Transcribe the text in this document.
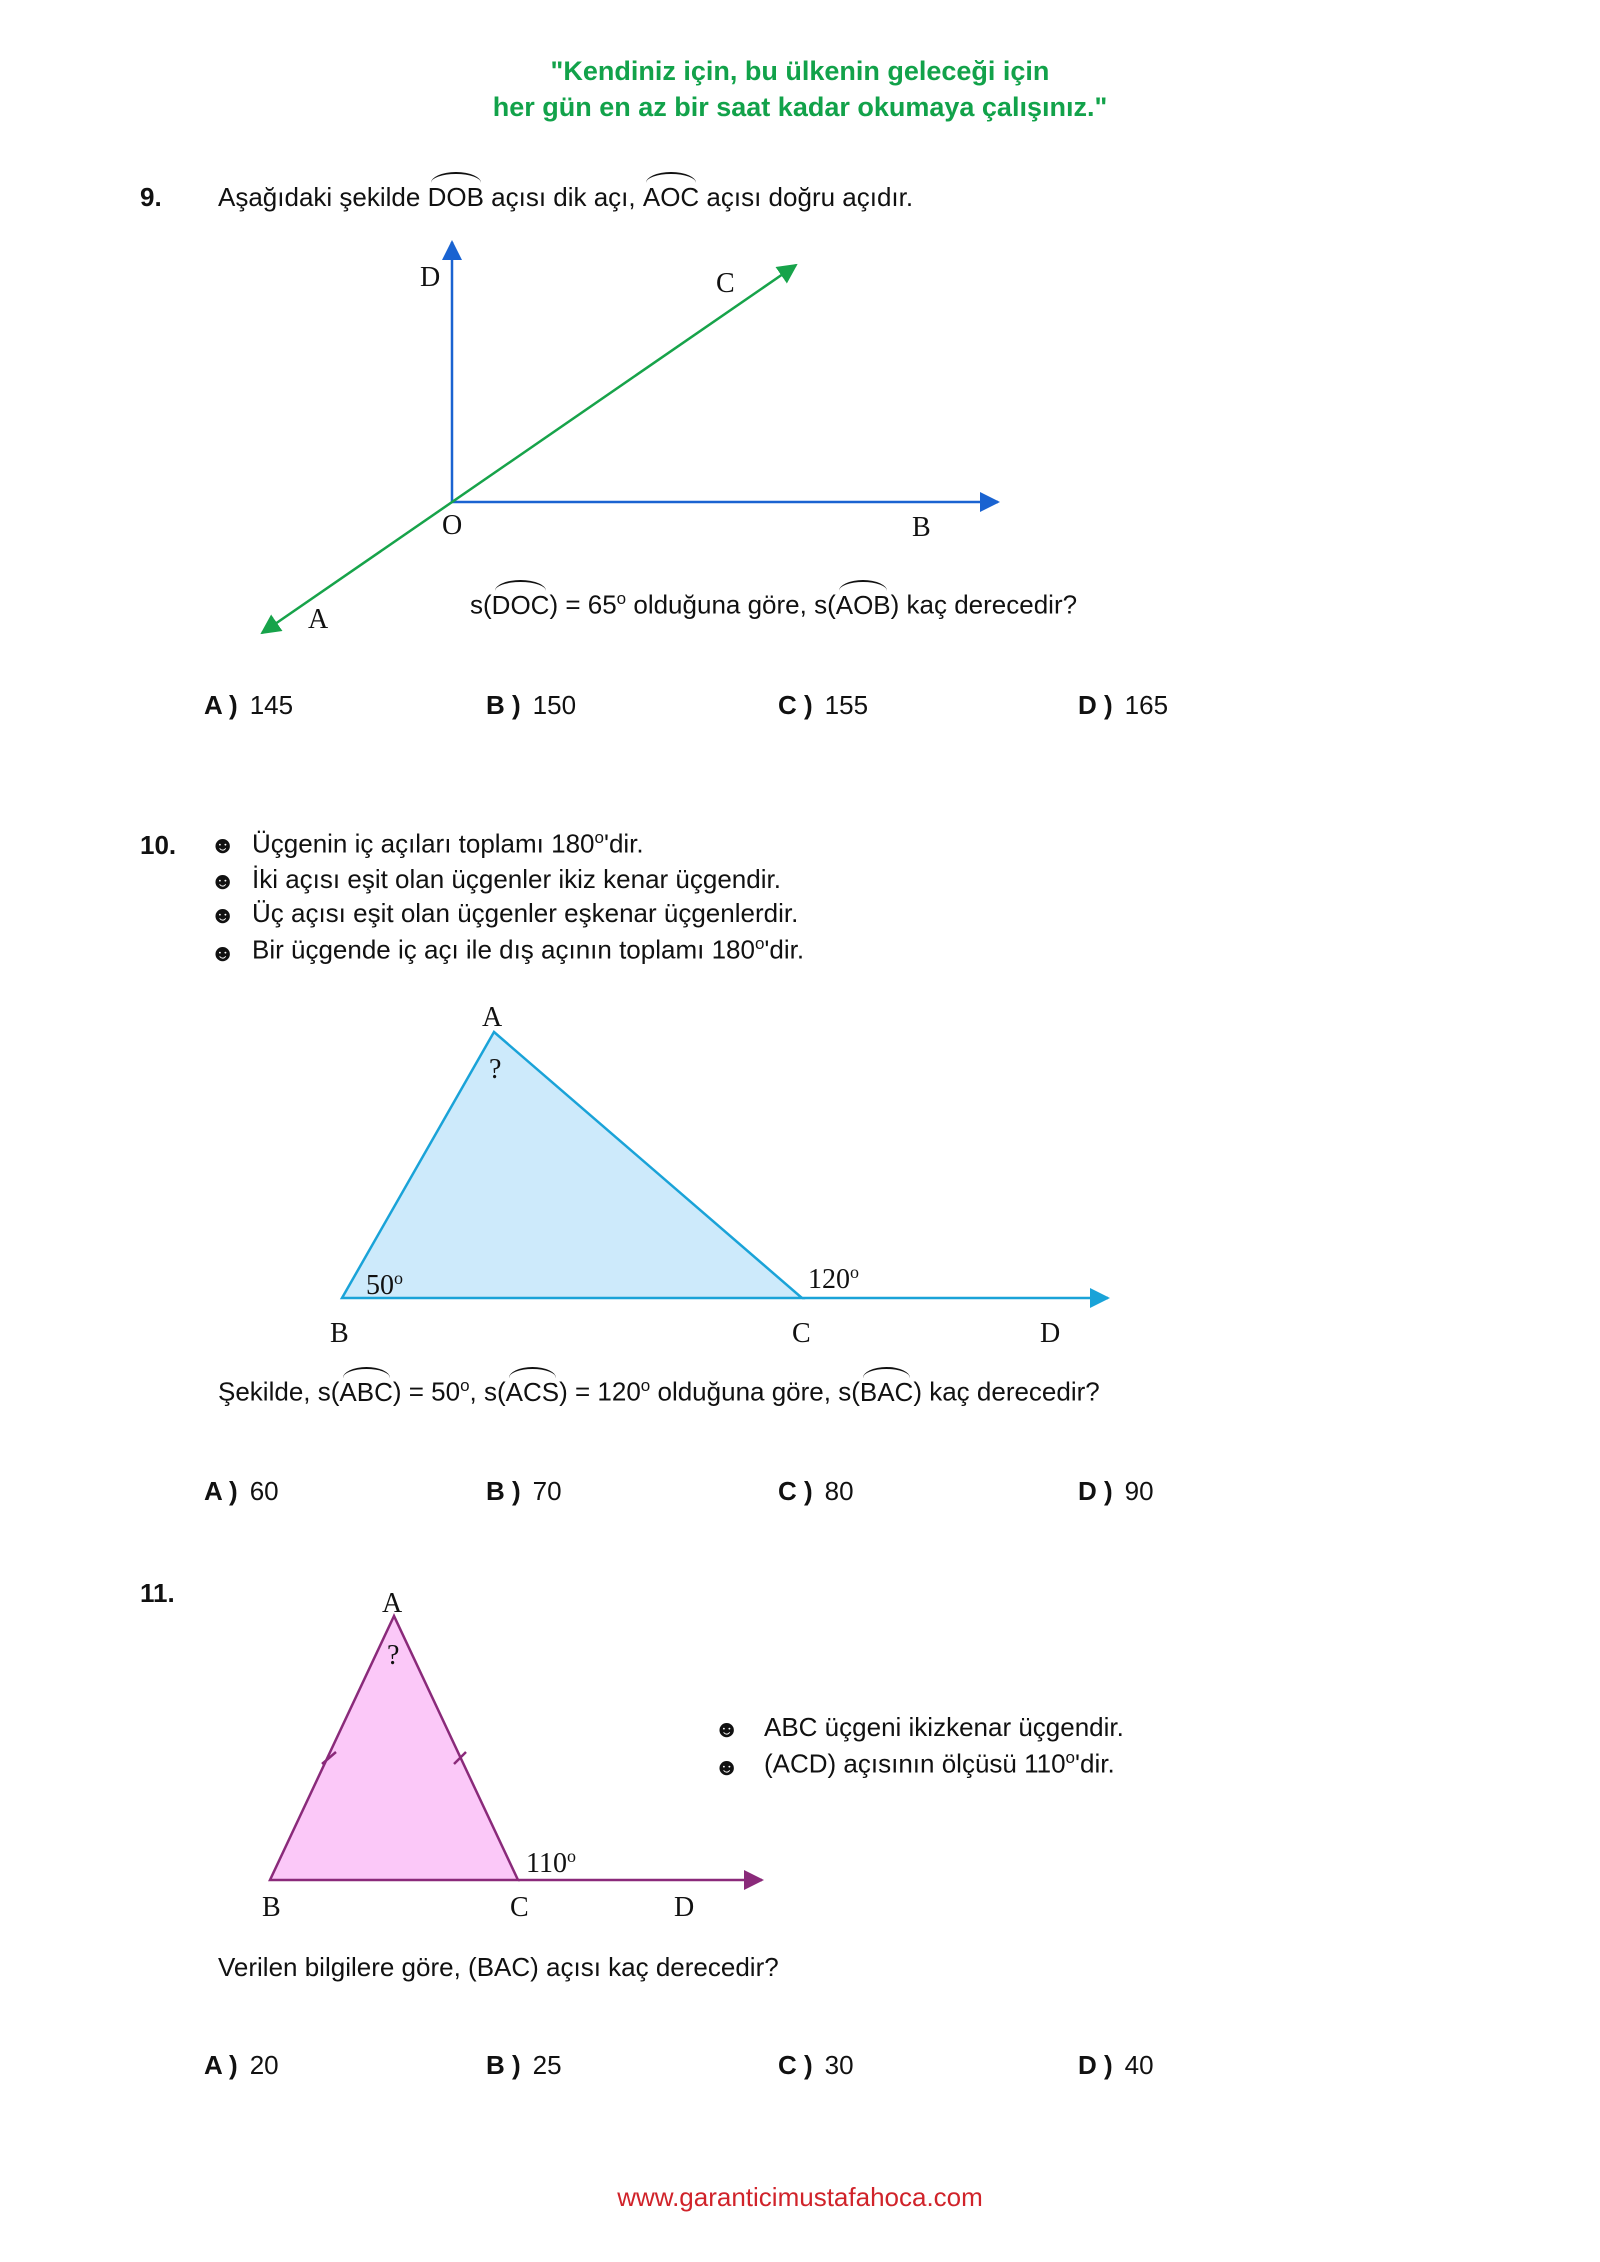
"Kendiniz için, bu ülkenin geleceği için
her gün en az bir saat kadar okumaya çalışınız."
9. Aşağıdaki şekilde DOB açısı dik açı, AOC açısı doğru açıdır.
D	C
O	B
A	$s(DOC) = 65^o$ olduğuna göre, s(AOB) kaç derecedir?
A ) 145	B ) 150	C ) 155	D ) 165
10. ☻ Üçgenin iç açıları toplamı 180$^o$'dir.
☻ İki açısı eşit olan üçgenler ikiz kenar üçgendir.
☻ Üç açısı eşit olan üçgenler eşkenar üçgenlerdir.
☻ Bir üçgende iç açı ile dış açının toplamı 180$^o$'dir.
A
?
50$^o$	120$^o$
B	C	D
Şekilde, $s(ABC) = 50^o$, $s(ACS) = 120^o$ olduğuna göre, s(BAC) kaç derecedir?
A ) 60	B ) 70	C ) 80	D ) 90
11.	A
?
110$^o$
B	C	D
☻ ABC üçgeni ikizkenar üçgendir.
☻ (ACD) açısının ölçüsü 110$^o$'dir.
Verilen bilgilere göre, (BAC) açısı kaç derecedir?
A ) 20	B ) 25	C ) 30	D ) 40
www.garanticimustafahoca.com
